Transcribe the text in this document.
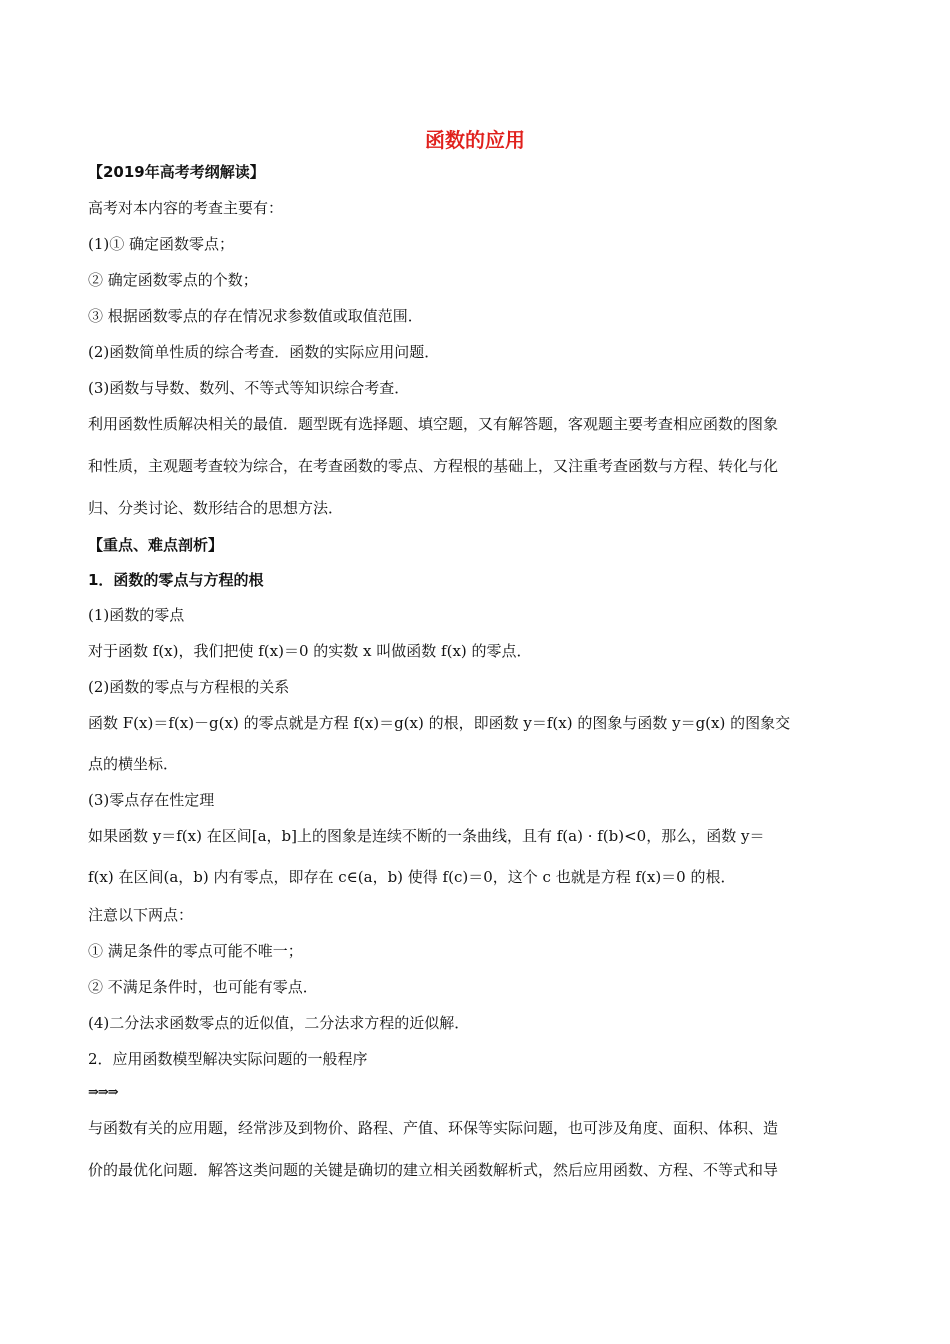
函数的应用
【2019年高考考纲解读】
高考对本内容的考查主要有：
(1)① 确定函数零点；
② 确定函数零点的个数；
③ 根据函数零点的存在情况求参数值或取值范围．
(2)函数简单性质的综合考查．函数的实际应用问题．
(3)函数与导数、数列、不等式等知识综合考查．
利用函数性质解决相关的最值．题型既有选择题、填空题，又有解答题，客观题主要考查相应函数的图象
和性质，主观题考查较为综合，在考查函数的零点、方程根的基础上，又注重考查函数与方程、转化与化
归、分类讨论、数形结合的思想方法．
【重点、难点剖析】
1．函数的零点与方程的根
(1)函数的零点
对于函数 f(x)，我们把使 f(x)＝0 的实数 x 叫做函数 f(x) 的零点．
(2)函数的零点与方程根的关系
函数 F(x)＝f(x)－g(x) 的零点就是方程 f(x)＝g(x) 的根，即函数 y＝f(x) 的图象与函数 y＝g(x) 的图象交
点的横坐标．
(3)零点存在性定理
如果函数 y＝f(x) 在区间[a，b]上的图象是连续不断的一条曲线，且有 f(a) · f(b)<0，那么，函数 y＝
f(x) 在区间(a，b) 内有零点，即存在 c∈(a，b) 使得 f(c)＝0，这个 c 也就是方程 f(x)＝0 的根．
注意以下两点：
① 满足条件的零点可能不唯一；
② 不满足条件时，也可能有零点．
(4)二分法求函数零点的近似值，二分法求方程的近似解．
2．应用函数模型解决实际问题的一般程序
⇒⇒⇒
与函数有关的应用题，经常涉及到物价、路程、产值、环保等实际问题，也可涉及角度、面积、体积、造
价的最优化问题．解答这类问题的关键是确切的建立相关函数解析式，然后应用函数、方程、不等式和导
